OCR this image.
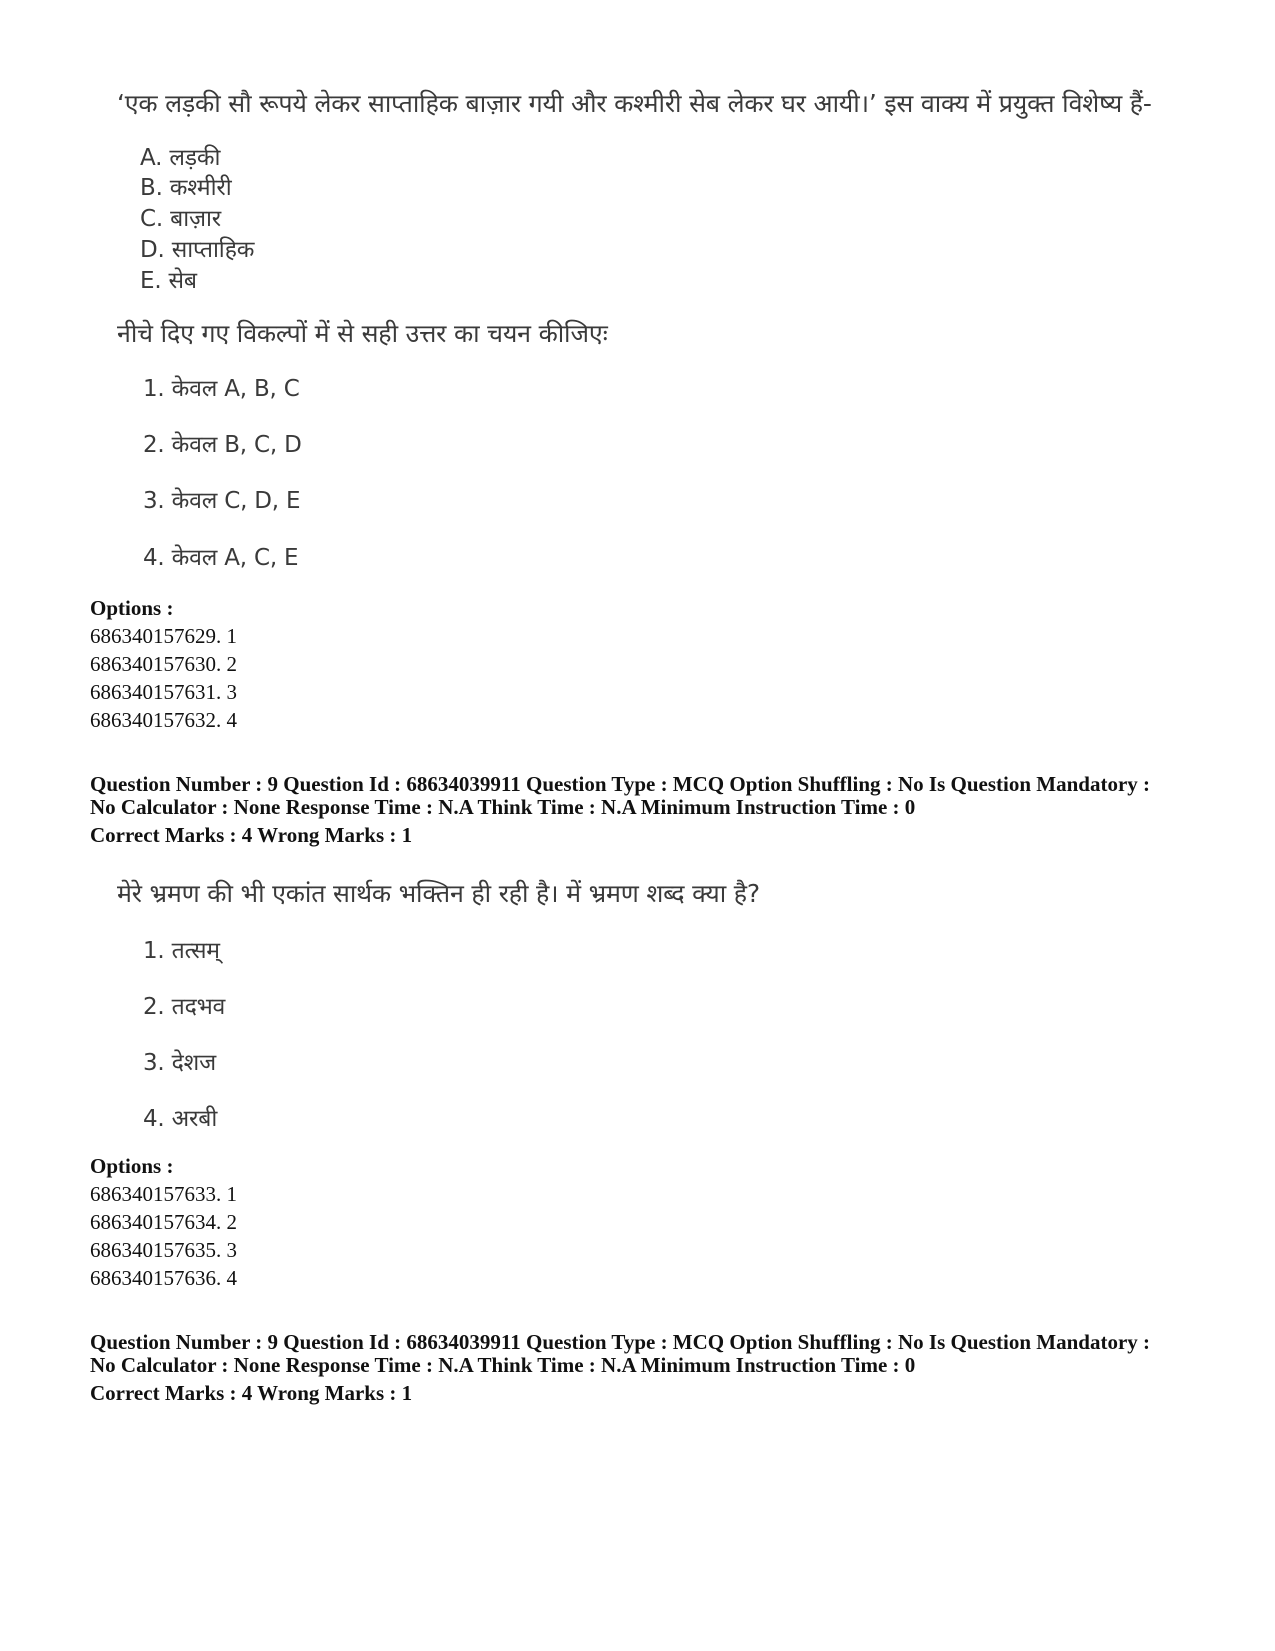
‘एक लड़की सौ रूपये लेकर साप्ताहिक बाज़ार गयी और कश्मीरी सेब लेकर घर आयी।’ इस वाक्य में प्रयुक्त विशेष्य हैं-
A. लड़की
B. कश्मीरी
C. बाज़ार
D. साप्ताहिक
E. सेब
नीचे दिए गए विकल्पों में से सही उत्तर का चयन कीजिएः
1. केवल A, B, C
2. केवल B, C, D
3. केवल C, D, E
4. केवल A, C, E
Options :
686340157629. 1
686340157630. 2
686340157631. 3
686340157632. 4
Question Number : 9 Question Id : 68634039911 Question Type : MCQ Option Shuffling : No Is Question Mandatory :
No Calculator : None Response Time : N.A Think Time : N.A Minimum Instruction Time : 0
Correct Marks : 4 Wrong Marks : 1
मेरे भ्रमण की भी एकांत सार्थक भक्तिन ही रही है। में भ्रमण शब्द क्या है?
1. तत्सम्
2. तदभव
3. देशज
4. अरबी
Options :
686340157633. 1
686340157634. 2
686340157635. 3
686340157636. 4
Question Number : 9 Question Id : 68634039911 Question Type : MCQ Option Shuffling : No Is Question Mandatory :
No Calculator : None Response Time : N.A Think Time : N.A Minimum Instruction Time : 0
Correct Marks : 4 Wrong Marks : 1
